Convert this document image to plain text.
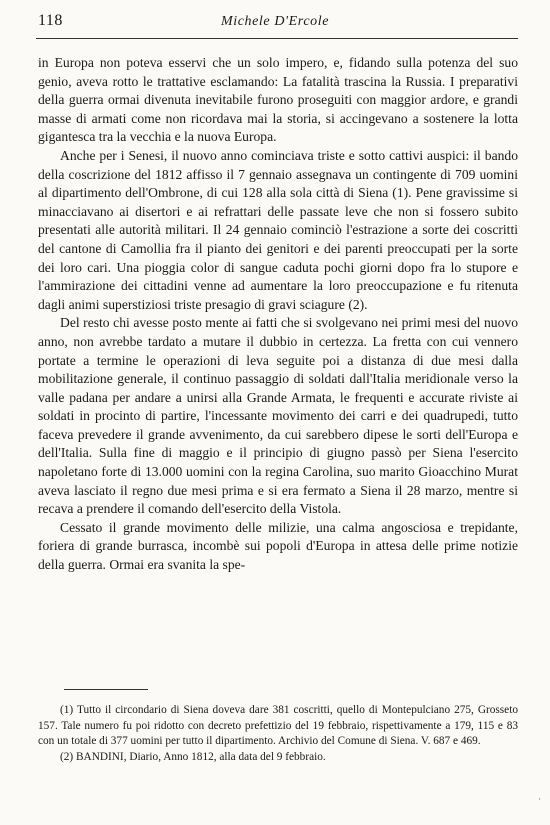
118	Michele D'Ercole

in Europa non poteva esservi che un solo impero, e, fidando sulla potenza del suo genio, aveva rotto le trattative esclamando: La fatalità trascina la Russia. I preparativi della guerra ormai divenuta inevitabile furono proseguiti con maggior ardore, e grandi masse di armati come non ricordava mai la storia, si accingevano a sostenere la lotta gigantesca tra la vecchia e la nuova Europa.

Anche per i Senesi, il nuovo anno cominciava triste e sotto cattivi auspici: il bando della coscrizione del 1812 affisso il 7 gennaio assegnava un contingente di 709 uomini al dipartimento dell'Ombrone, di cui 128 alla sola città di Siena (1). Pene gravissime si minacciavano ai disertori e ai refrattari delle passate leve che non si fossero subito presentati alle autorità militari. Il 24 gennaio cominciò l'estrazione a sorte dei coscritti del cantone di Camollia fra il pianto dei genitori e dei parenti preoccupati per la sorte dei loro cari. Una pioggia color di sangue caduta pochi giorni dopo fra lo stupore e l'ammirazione dei cittadini venne ad aumentare la loro preoccupazione e fu ritenuta dagli animi superstiziosi triste presagio di gravi sciagure (2).

Del resto chi avesse posto mente ai fatti che si svolgevano nei primi mesi del nuovo anno, non avrebbe tardato a mutare il dubbio in certezza. La fretta con cui vennero portate a termine le operazioni di leva seguite poi a distanza di due mesi dalla mobilitazione generale, il continuo passaggio di soldati dall'Italia meridionale verso la valle padana per andare a unirsi alla Grande Armata, le frequenti e accurate riviste ai soldati in procinto di partire, l'incessante movimento dei carri e dei quadrupedi, tutto faceva prevedere il grande avvenimento, da cui sarebbero dipese le sorti dell'Europa e dell'Italia. Sulla fine di maggio e il principio di giugno passò per Siena l'esercito napoletano forte di 13.000 uomini con la regina Carolina, suo marito Gioacchino Murat aveva lasciato il regno due mesi prima e si era fermato a Siena il 28 marzo, mentre si recava a prendere il comando dell'esercito della Vistola.

Cessato il grande movimento delle milizie, una calma angosciosa e trepidante, foriera di grande burrasca, incombè sui popoli d'Europa in attesa delle prime notizie della guerra. Ormai era svanita la spe-

(1) Tutto il circondario di Siena doveva dare 381 coscritti, quello di Montepulciano 275, Grosseto 157. Tale numero fu poi ridotto con decreto prefettizio del 19 febbraio, rispettivamente a 179, 115 e 83 con un totale di 377 uomini per tutto il dipartimento. Archivio del Comune di Siena. V. 687 e 469.

(2) BANDINI, Diario, Anno 1812, alla data del 9 febbraio.

·
